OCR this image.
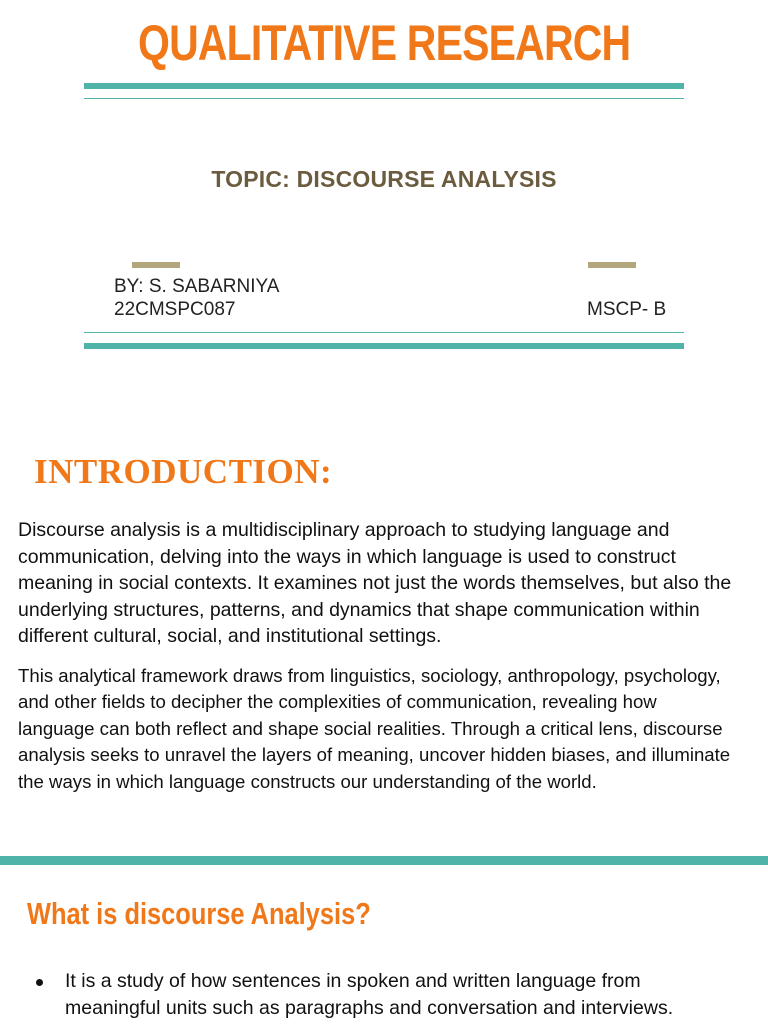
QUALITATIVE RESEARCH
TOPIC: DISCOURSE ANALYSIS
BY: S. SABARNIYA
22CMSPC087	MSCP- B
INTRODUCTION:

Discourse analysis is a multidisciplinary approach to studying language and communication, delving into the ways in which language is used to construct meaning in social contexts. It examines not just the words themselves, but also the underlying structures, patterns, and dynamics that shape communication within different cultural, social, and institutional settings.

This analytical framework draws from linguistics, sociology, anthropology, psychology, and other fields to decipher the complexities of communication, revealing how language can both reflect and shape social realities. Through a critical lens, discourse analysis seeks to unravel the layers of meaning, uncover hidden biases, and illuminate the ways in which language constructs our understanding of the world.

What is discourse Analysis?
It is a study of how sentences in spoken and written language from meaningful units such as paragraphs and conversation and interviews.
